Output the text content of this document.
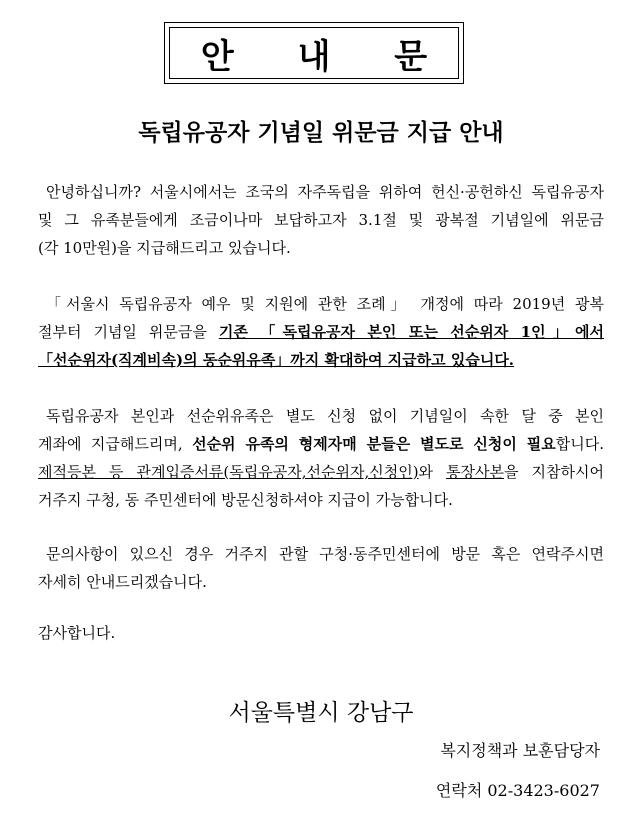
안 내 문
독립유공자 기념일 위문금 지급 안내
안녕하십니까? 서울시에서는 조국의 자주독립을 위하여 헌신·공헌하신 독립유공자
및 그 유족분들에게 조금이나마 보답하고자 3.1절 및 광복절 기념일에 위문금
(각 10만원)을 지급해드리고 있습니다.
「서울시 독립유공자 예우 및 지원에 관한 조례」 개정에 따라 2019년 광복
절부터 기념일 위문금을 기존 「독립유공자 본인 또는 선순위자 1인」에서
「선순위자(직계비속)의 동순위유족」까지 확대하여 지급하고 있습니다.
독립유공자 본인과 선순위유족은 별도 신청 없이 기념일이 속한 달 중 본인
계좌에 지급해드리며, 선순위 유족의 형제자매 분들은 별도로 신청이 필요합니다.
제적등본 등 관계입증서류(독립유공자,선순위자,신청인)와 통장사본을 지참하시어
거주지 구청, 동 주민센터에 방문신청하셔야 지급이 가능합니다.
문의사항이 있으신 경우 거주지 관할 구청·동주민센터에 방문 혹은 연락주시면
자세히 안내드리겠습니다.
감사합니다.
서울특별시 강남구
복지정책과 보훈담당자
연락처 02-3423-6027
